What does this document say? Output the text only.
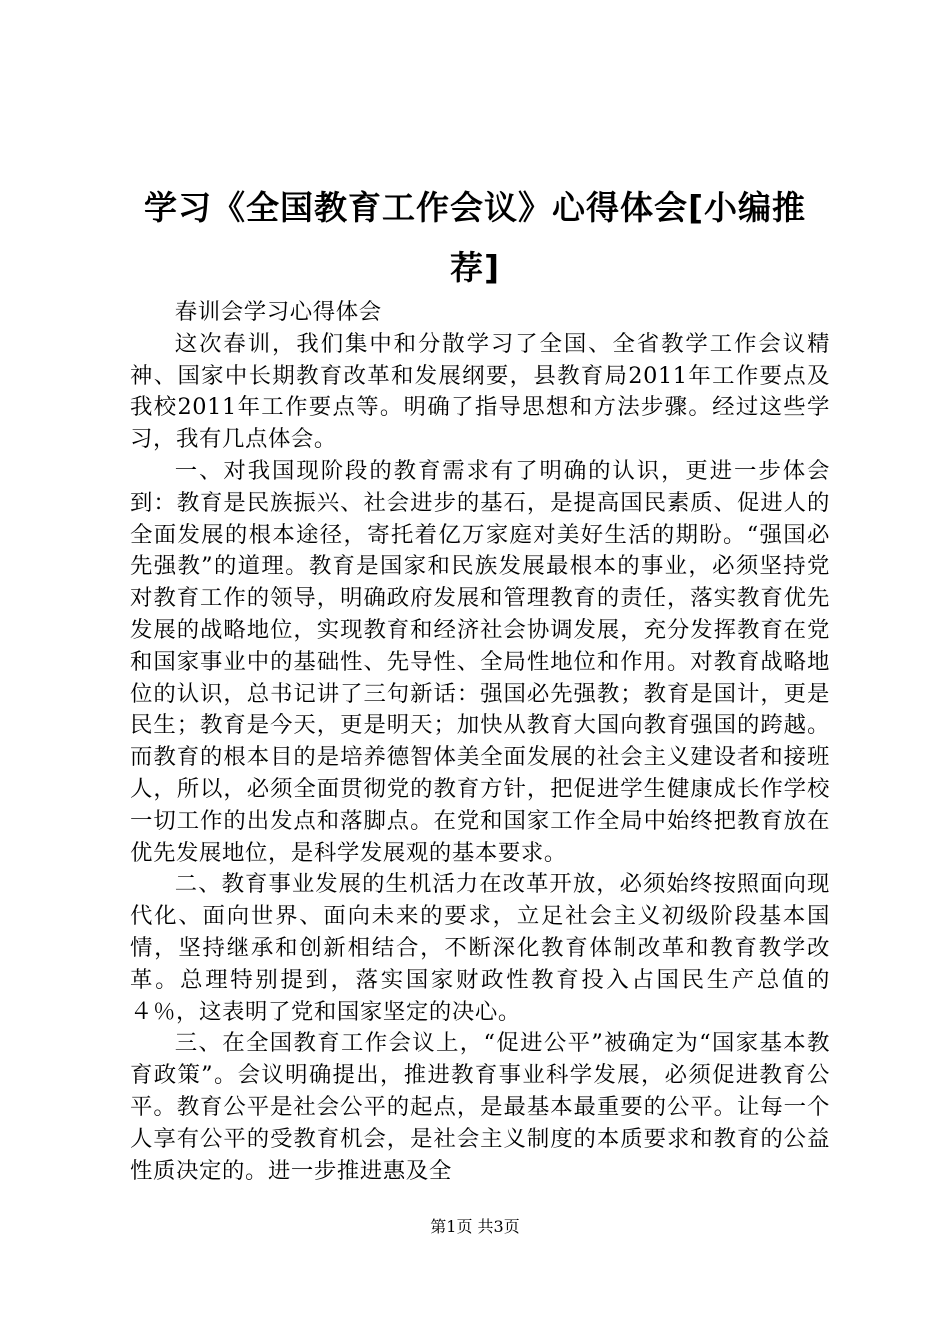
学习《全国教育工作会议》心得体会[小编推荐]

春训会学习心得体会

这次春训，我们集中和分散学习了全国、全省教学工作会议精神、国家中长期教育改革和发展纲要，县教育局2011年工作要点及我校2011年工作要点等。明确了指导思想和方法步骤。经过这些学习，我有几点体会。

一、对我国现阶段的教育需求有了明确的认识，更进一步体会到：教育是民族振兴、社会进步的基石，是提高国民素质、促进人的全面发展的根本途径，寄托着亿万家庭对美好生活的期盼。“强国必先强教”的道理。教育是国家和民族发展最根本的事业，必须坚持党对教育工作的领导，明确政府发展和管理教育的责任，落实教育优先发展的战略地位，实现教育和经济社会协调发展，充分发挥教育在党和国家事业中的基础性、先导性、全局性地位和作用。对教育战略地位的认识，总书记讲了三句新话：强国必先强教；教育是国计，更是民生；教育是今天，更是明天；加快从教育大国向教育强国的跨越。而教育的根本目的是培养德智体美全面发展的社会主义建设者和接班人，所以，必须全面贯彻党的教育方针，把促进学生健康成长作学校一切工作的出发点和落脚点。在党和国家工作全局中始终把教育放在优先发展地位，是科学发展观的基本要求。

二、教育事业发展的生机活力在改革开放，必须始终按照面向现代化、面向世界、面向未来的要求，立足社会主义初级阶段基本国情，坚持继承和创新相结合，不断深化教育体制改革和教育教学改革。总理特别提到，落实国家财政性教育投入占国民生产总值的４％，这表明了党和国家坚定的决心。

三、在全国教育工作会议上，“促进公平”被确定为“国家基本教育政策”。会议明确提出，推进教育事业科学发展，必须促进教育公平。教育公平是社会公平的起点，是最基本最重要的公平。让每一个人享有公平的受教育机会，是社会主义制度的本质要求和教育的公益性质决定的。进一步推进惠及全

第1页 共3页
